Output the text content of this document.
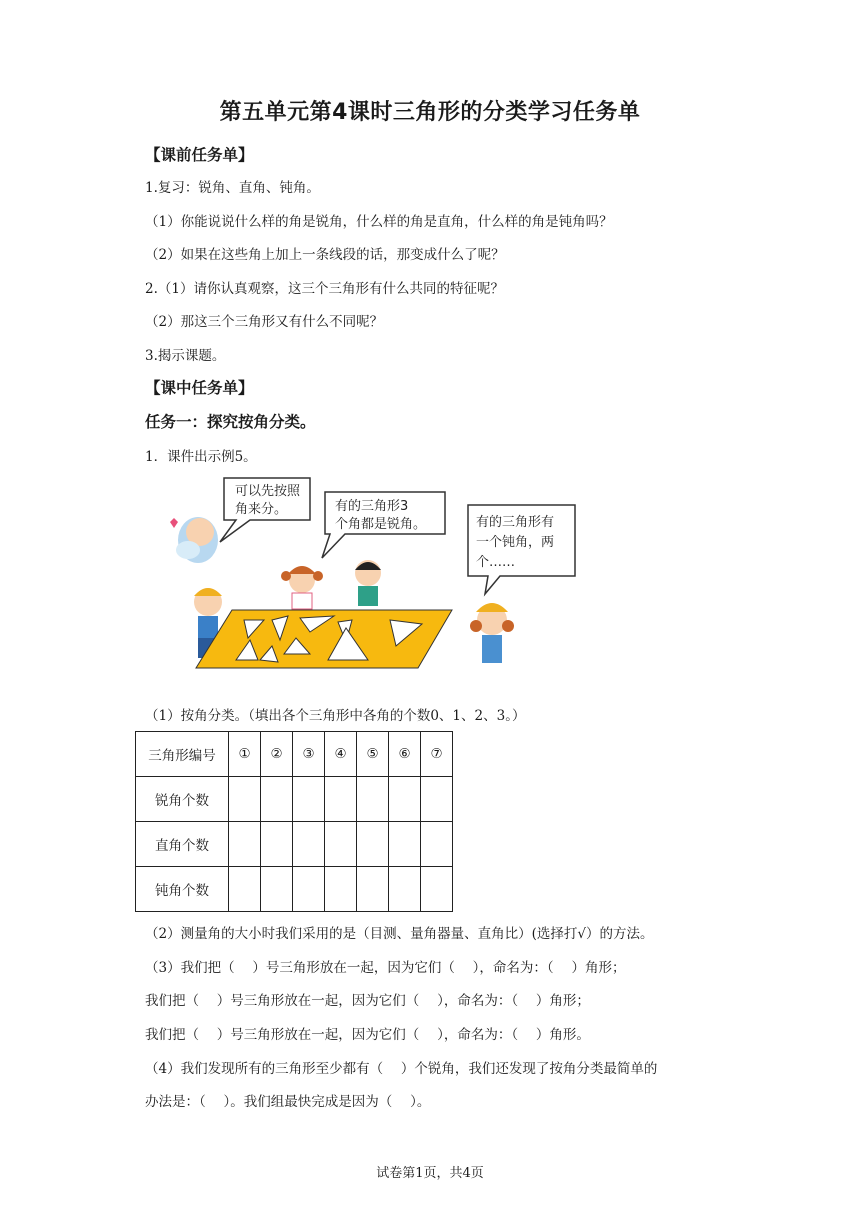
第五单元第4课时三角形的分类学习任务单
【课前任务单】
1.复习：锐角、直角、钝角。
（1）你能说说什么样的角是锐角，什么样的角是直角，什么样的角是钝角吗？
（2）如果在这些角上加上一条线段的话，那变成什么了呢？
2.（1）请你认真观察，这三个三角形有什么共同的特征呢？
（2）那这三个三角形又有什么不同呢？
3.揭示课题。
【课中任务单】
任务一：探究按角分类。
1．课件出示例5。
可以先按照
角来分。	有的三角形3
个角都是锐角。	有的三角形有
一个钝角，两
个……
（1）按角分类。（填出各个三角形中各角的个数0、1、2、3。）
三角形编号	①	②	③	④	⑤	⑥	⑦
锐角个数							
直角个数							
钝角个数							
（2）测量角的大小时我们采用的是（目测、量角器量、直角比）(选择打√）的方法。
（3）我们把（　 ）号三角形放在一起，因为它们（　 ），命名为：（　 ）角形；
我们把（　 ）号三角形放在一起，因为它们（　 ），命名为：（　 ）角形；
我们把（　 ）号三角形放在一起，因为它们（　 ），命名为：（　 ）角形。
（4）我们发现所有的三角形至少都有（　 ）个锐角，我们还发现了按角分类最简单的
办法是：（　 ）。我们组最快完成是因为（　 ）。
试卷第1页，共4页
